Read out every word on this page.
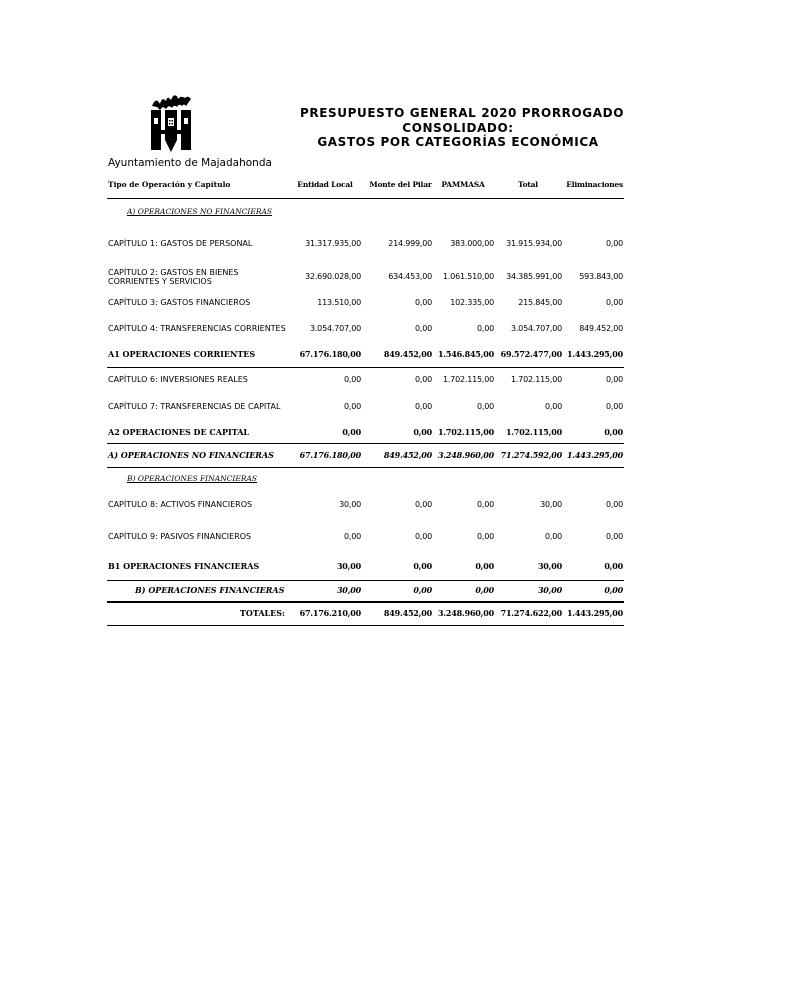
Ayuntamiento de Majadahonda
PRESUPUESTO GENERAL 2020 PRORROGADO
CONSOLIDADO:
GASTOS POR CATEGORÍAS ECONÓMICA
Tipo de Operación y Capítulo	Entidad Local	Monte del Pilar	PAMMASA	Total	Eliminaciones
A) OPERACIONES NO FINANCIERAS					
CAPÍTULO 1: GASTOS DE PERSONAL	31.317.935,00	214.999,00	383.000,00	31.915.934,00	0,00
CAPÍTULO 2: GASTOS EN BIENES CORRIENTES Y SERVICIOS	32.690.028,00	634.453,00	1.061.510,00	34.385.991,00	593.843,00
CAPÍTULO 3: GASTOS FINANCIEROS	113.510,00	0,00	102.335,00	215.845,00	0,00
CAPÍTULO 4: TRANSFERENCIAS CORRIENTES	3.054.707,00	0,00	0,00	3.054.707,00	849.452,00
A1 OPERACIONES CORRIENTES	67.176.180,00	849.452,00	1.546.845,00	69.572.477,00	1.443.295,00
CAPÍTULO 6: INVERSIONES REALES	0,00	0,00	1.702.115,00	1.702.115,00	0,00
CAPÍTULO 7: TRANSFERENCIAS DE CAPITAL	0,00	0,00	0,00	0,00	0,00
A2 OPERACIONES DE CAPITAL	0,00	0,00	1.702.115,00	1.702.115,00	0,00
A) OPERACIONES NO FINANCIERAS	67.176.180,00	849.452,00	3.248.960,00	71.274.592,00	1.443.295,00
B) OPERACIONES FINANCIERAS					
CAPÍTULO 8: ACTIVOS FINANCIEROS	30,00	0,00	0,00	30,00	0,00
CAPÍTULO 9: PASIVOS FINANCIEROS	0,00	0,00	0,00	0,00	0,00
B1 OPERACIONES FINANCIERAS	30,00	0,00	0,00	30,00	0,00
B) OPERACIONES FINANCIERAS	30,00	0,00	0,00	30,00	0,00
TOTALES:	67.176.210,00	849.452,00	3.248.960,00	71.274.622,00	1.443.295,00
